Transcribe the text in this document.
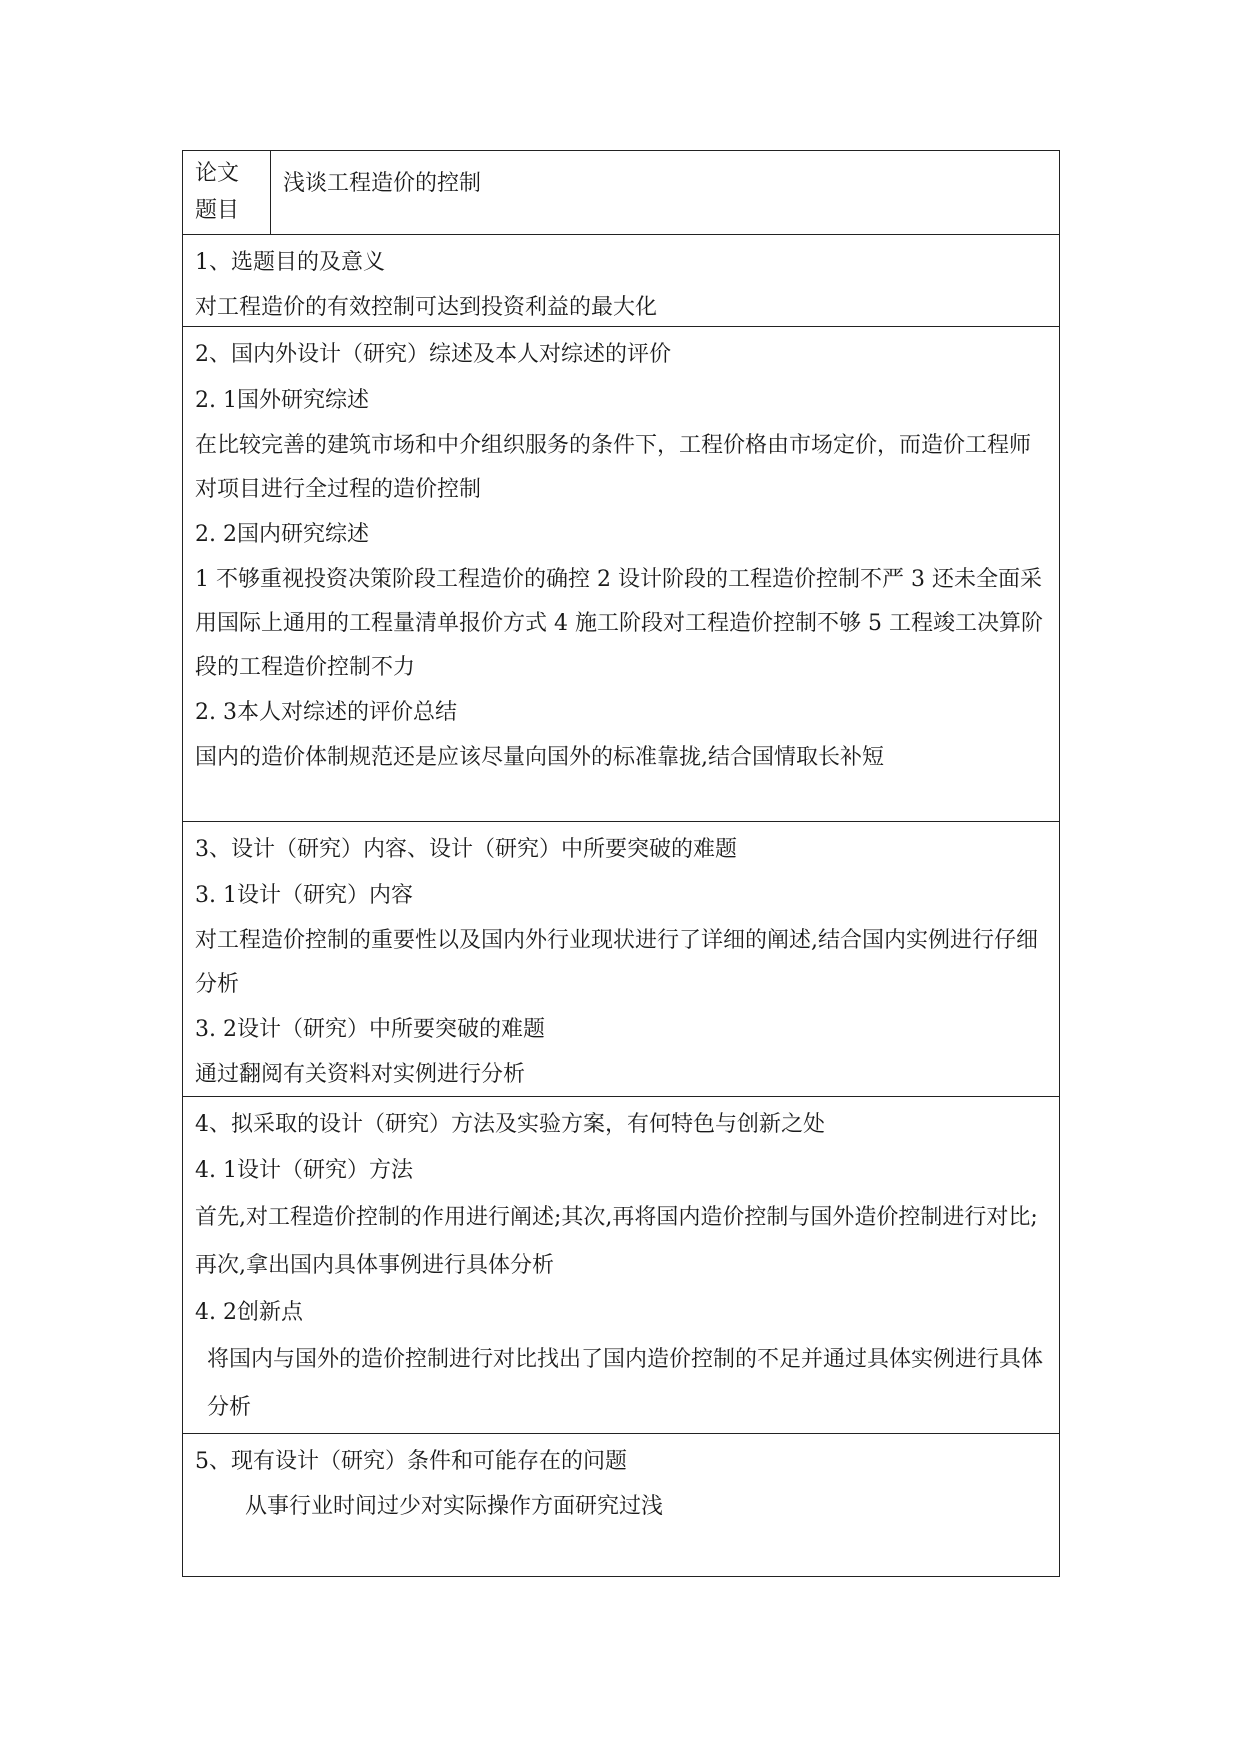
论文
题目
浅谈工程造价的控制
1、选题目的及意义
对工程造价的有效控制可达到投资利益的最大化
2、国内外设计（研究）综述及本人对综述的评价
2. 1国外研究综述
在比较完善的建筑市场和中介组织服务的条件下，工程价格由市场定价，而造价工程师对项目进行全过程的造价控制
2. 2国内研究综述
1 不够重视投资决策阶段工程造价的确控 2 设计阶段的工程造价控制不严 3 还未全面采用国际上通用的工程量清单报价方式 4 施工阶段对工程造价控制不够 5 工程竣工决算阶段的工程造价控制不力
2. 3本人对综述的评价总结
国内的造价体制规范还是应该尽量向国外的标准靠拢,结合国情取长补短
3、设计（研究）内容、设计（研究）中所要突破的难题
3. 1设计（研究）内容
对工程造价控制的重要性以及国内外行业现状进行了详细的阐述,结合国内实例进行仔细分析
3. 2设计（研究）中所要突破的难题
通过翻阅有关资料对实例进行分析
4、拟采取的设计（研究）方法及实验方案，有何特色与创新之处
4. 1设计（研究）方法
首先,对工程造价控制的作用进行阐述;其次,再将国内造价控制与国外造价控制进行对比;再次,拿出国内具体事例进行具体分析
4. 2创新点
将国内与国外的造价控制进行对比找出了国内造价控制的不足并通过具体实例进行具体分析
5、现有设计（研究）条件和可能存在的问题
从事行业时间过少对实际操作方面研究过浅
